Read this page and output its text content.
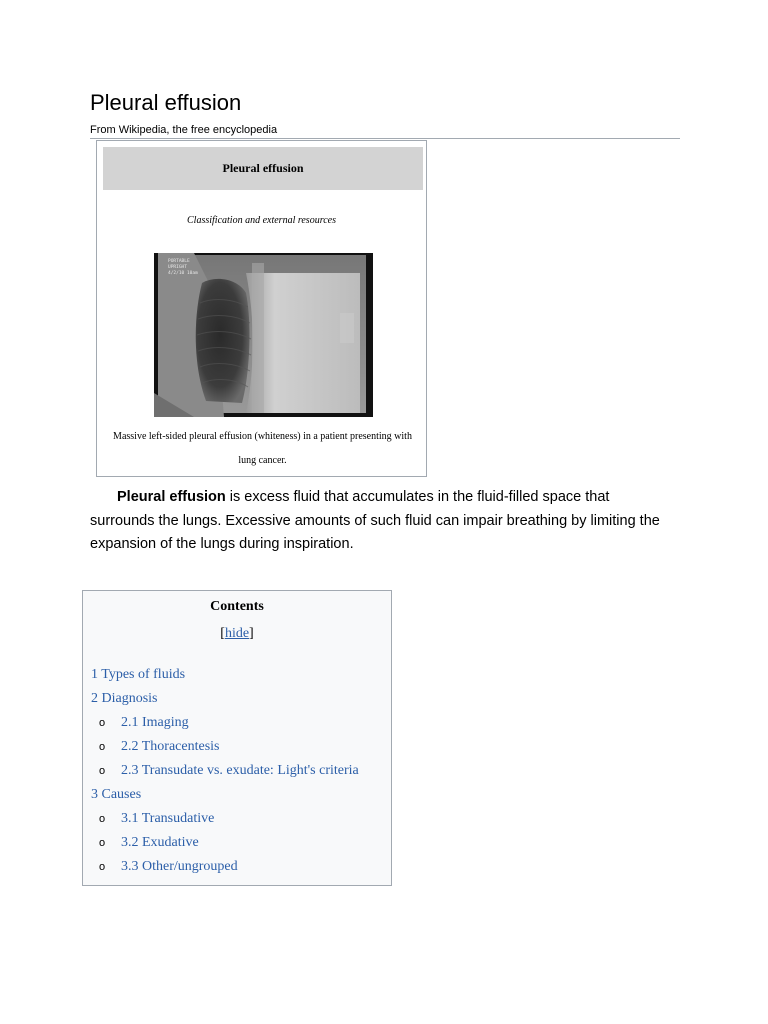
Pleural effusion
From Wikipedia, the free encyclopedia
Pleural effusion
Classification and external resources
PORTABLE
UPRIGHT
4/2/10 10am
Massive left-sided pleural effusion (whiteness) in a patient presenting with lung cancer.

Pleural effusion is excess fluid that accumulates in the fluid-filled space that surrounds the lungs. Excessive amounts of such fluid can impair breathing by limiting the expansion of the lungs during inspiration.

Contents
[hide]
1 Types of fluids
2 Diagnosis
o	2.1 Imaging
o	2.2 Thoracentesis
o	2.3 Transudate vs. exudate: Light's criteria
3 Causes
o	3.1 Transudative
o	3.2 Exudative
o	3.3 Other/ungrouped
